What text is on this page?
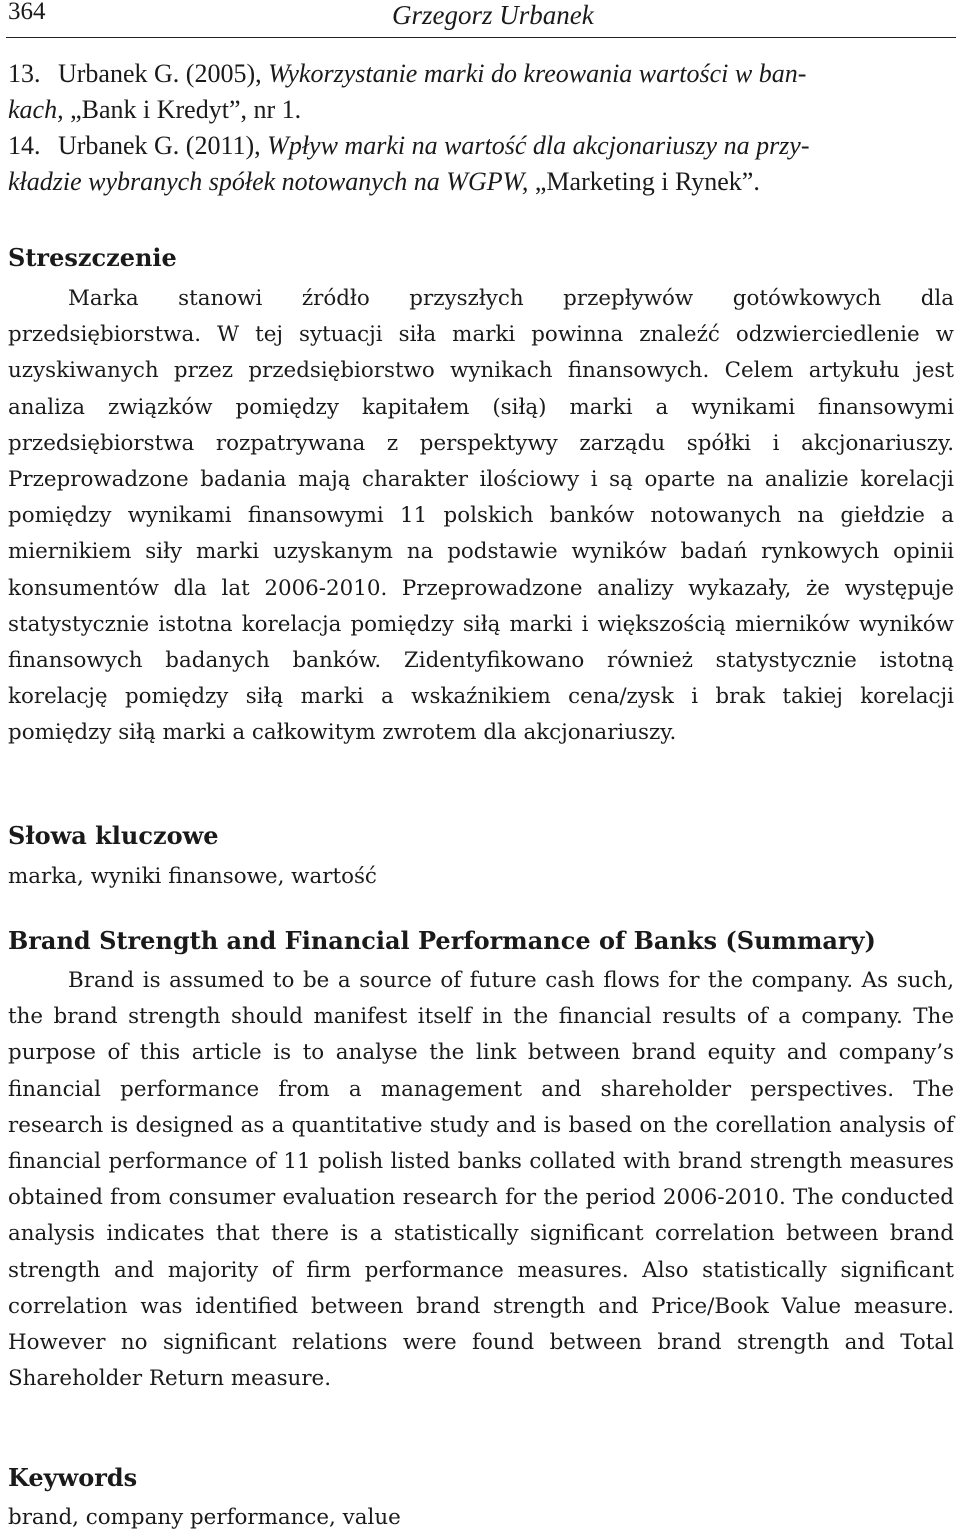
364	Grzegorz Urbanek
13. Urbanek G. (2005), Wykorzystanie marki do kreowania wartości w ban-
kach, „Bank i Kredyt”, nr 1.
14. Urbanek G. (2011), Wpływ marki na wartość dla akcjonariuszy na przy-
kładzie wybranych spółek notowanych na WGPW, „Marketing i Rynek”.
Streszczenie

Marka stanowi źródło przyszłych przepływów gotówkowych dla przedsiębiorstwa. W tej sytuacji siła marki powinna znaleźć odzwierciedlenie w uzyskiwanych przez przedsiębiorstwo wynikach finansowych. Celem artykułu jest analiza związków pomiędzy kapitałem (siłą) marki a wynikami finansowymi przedsiębiorstwa rozpatrywana z perspektywy zarządu spółki i akcjonariuszy. Przeprowadzone badania mają charakter ilościowy i są oparte na analizie korelacji pomiędzy wynikami finansowymi 11 polskich banków notowanych na giełdzie a miernikiem siły marki uzyskanym na podstawie wyników badań rynkowych opinii konsumentów dla lat 2006-2010. Przeprowadzone analizy wykazały, że występuje statystycznie istotna korelacja pomiędzy siłą marki i większością mierników wyników finansowych badanych banków. Zidentyfikowano również statystycznie istotną korelację pomiędzy siłą marki a wskaźnikiem cena/zysk i brak takiej korelacji pomiędzy siłą marki a całkowitym zwrotem dla akcjonariuszy.

Słowa kluczowe

marka, wyniki finansowe, wartość

Brand Strength and Financial Performance of Banks (Summary)

Brand is assumed to be a source of future cash flows for the company. As such, the brand strength should manifest itself in the financial results of a company. The purpose of this article is to analyse the link between brand equity and company’s financial performance from a management and shareholder perspectives. The research is designed as a quantitative study and is based on the corellation analysis of financial performance of 11 polish listed banks collated with brand strength measures obtained from consumer evaluation research for the period 2006-2010. The conducted analysis indicates that there is a statistically significant correlation between brand strength and majority of firm performance measures. Also statistically significant correlation was identified between brand strength and Price/Book Value measure. However no significant relations were found between brand strength and Total Shareholder Return measure.

Keywords

brand, company performance, value
